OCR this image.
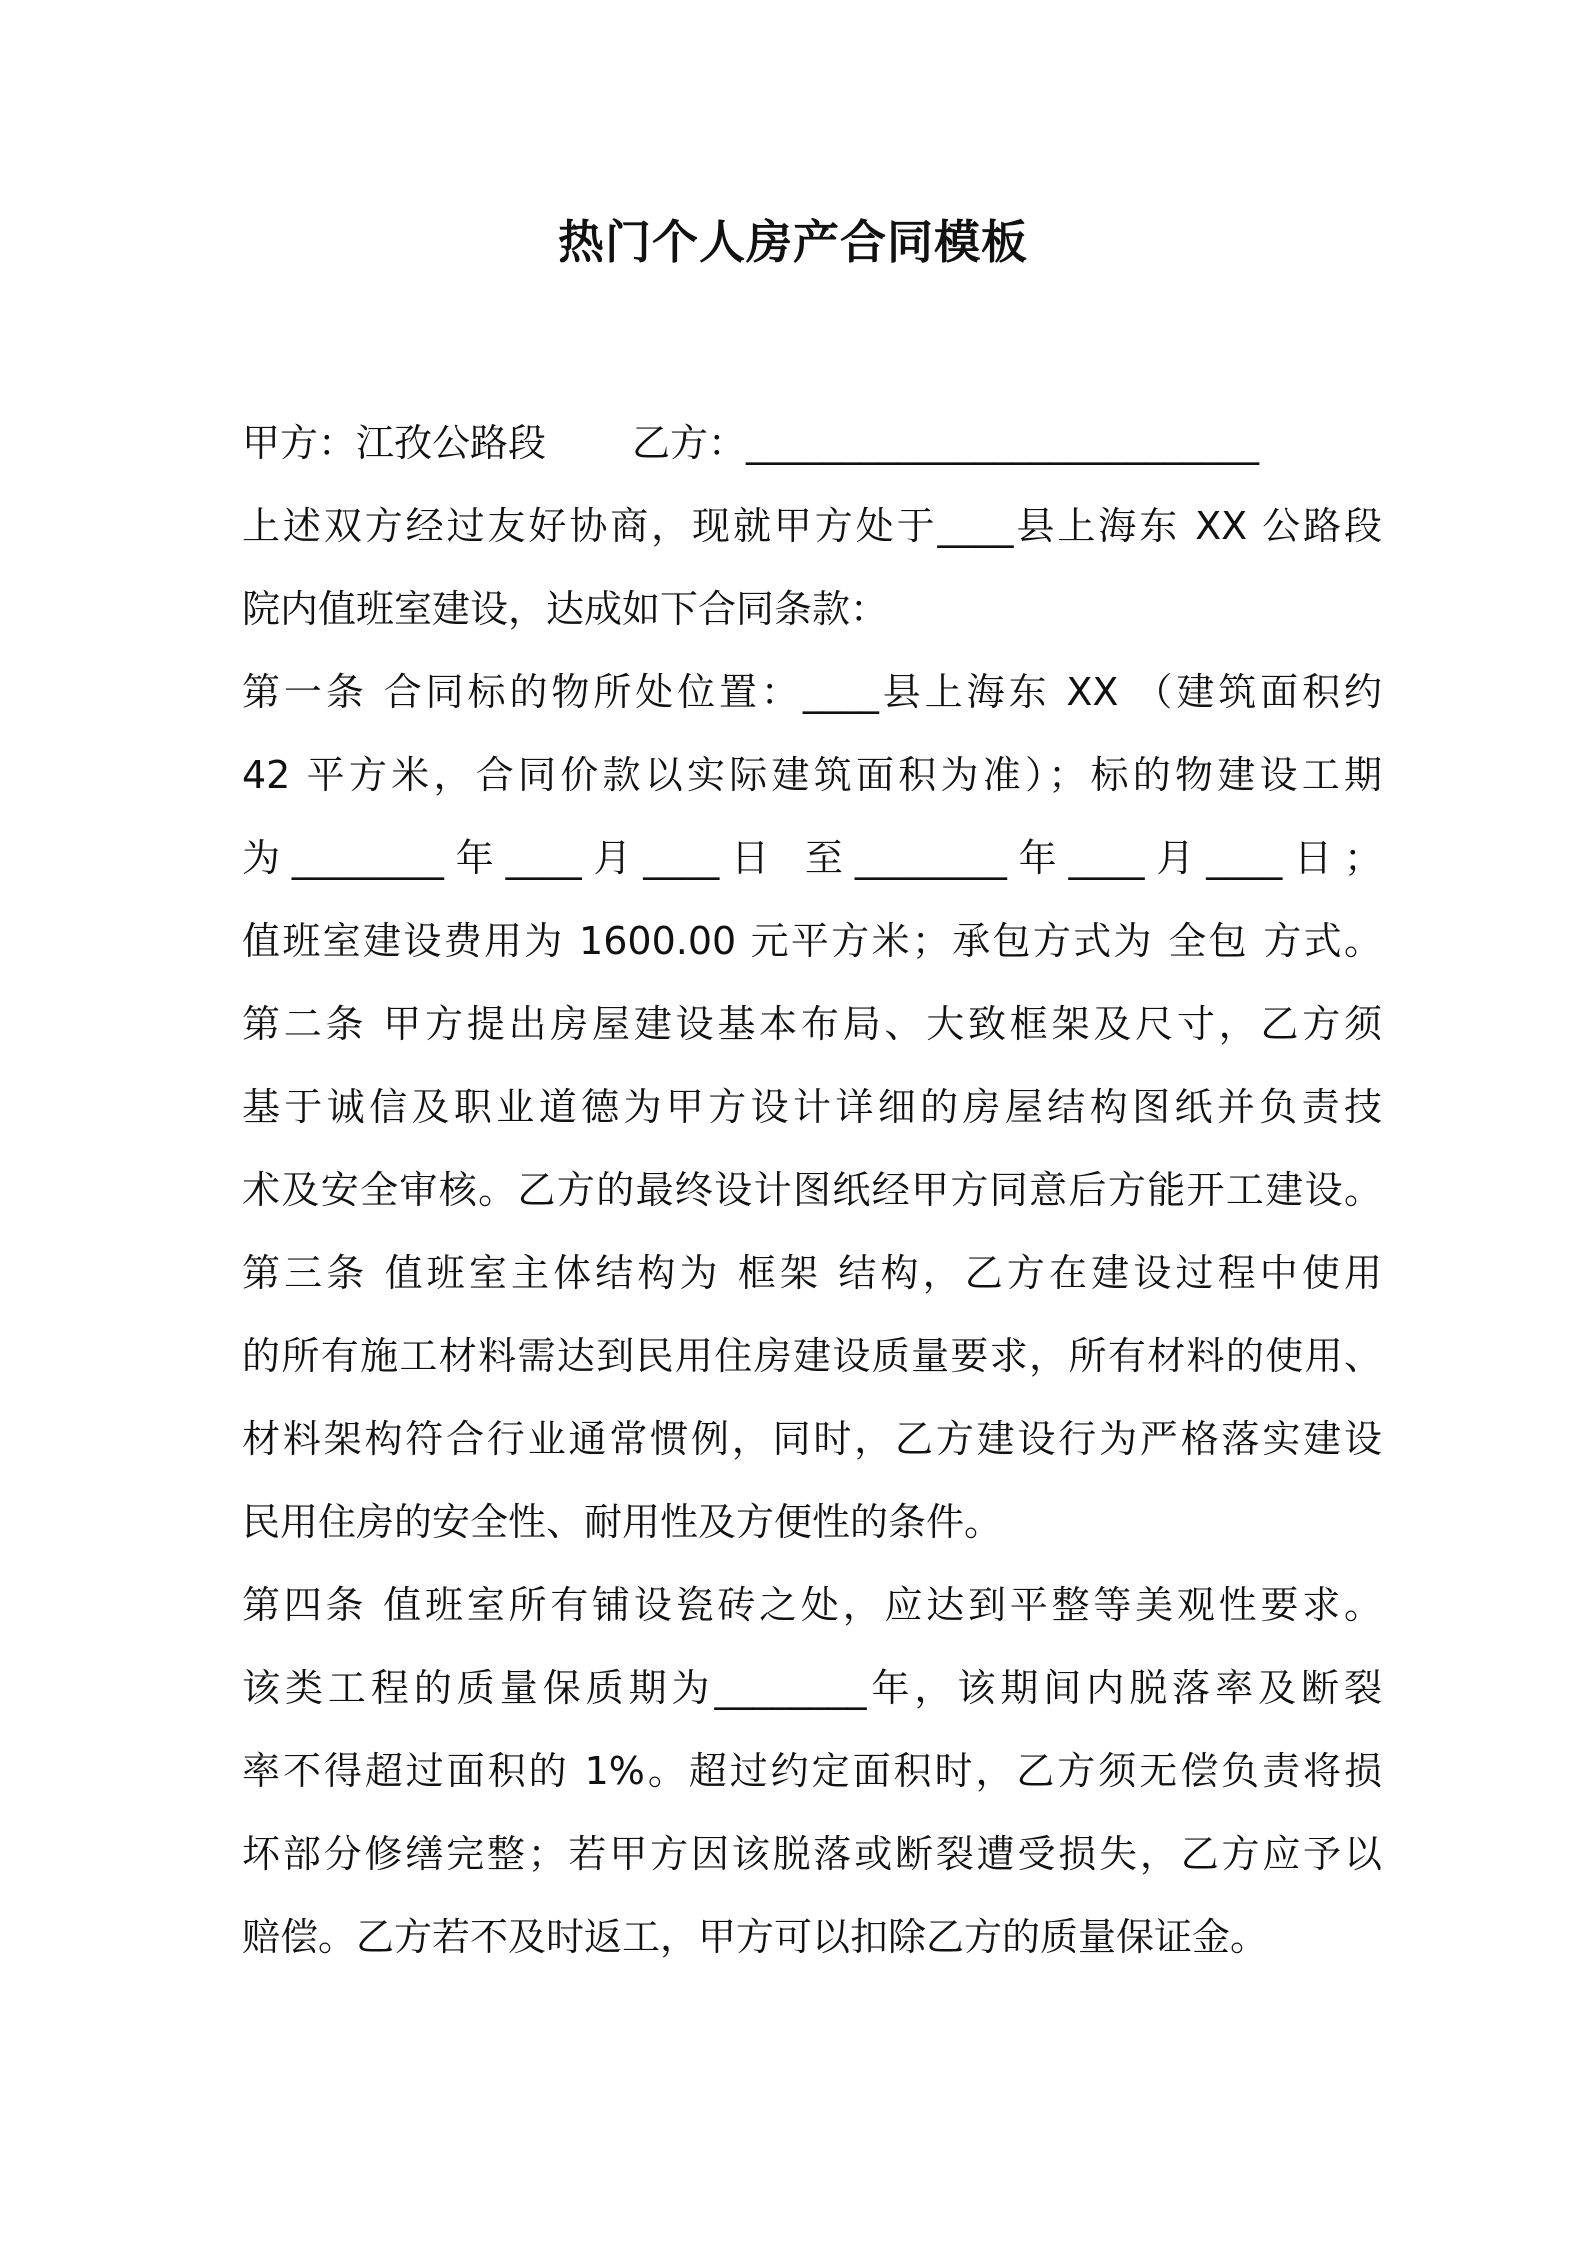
热门个人房产合同模板
甲方：江孜公路段 乙方：___________________________
上述双方经过友好协商，现就甲方处于____县上海东 XX 公路段
院内值班室建设，达成如下合同条款：
第一条 合同标的物所处位置：____县上海东 XX （建筑面积约
42 平方米，合同价款以实际建筑面积为准）；标的物建设工期
为________年____月____日 至________年____月____日；
值班室建设费用为 1600.00 元平方米；承包方式为 全包 方式。
第二条 甲方提出房屋建设基本布局、大致框架及尺寸，乙方须
基于诚信及职业道德为甲方设计详细的房屋结构图纸并负责技
术及安全审核。乙方的最终设计图纸经甲方同意后方能开工建设。
第三条 值班室主体结构为 框架 结构，乙方在建设过程中使用
的所有施工材料需达到民用住房建设质量要求，所有材料的使用、
材料架构符合行业通常惯例，同时，乙方建设行为严格落实建设
民用住房的安全性、耐用性及方便性的条件。
第四条 值班室所有铺设瓷砖之处，应达到平整等美观性要求。
该类工程的质量保质期为________年，该期间内脱落率及断裂
率不得超过面积的 1%。超过约定面积时，乙方须无偿负责将损
坏部分修缮完整；若甲方因该脱落或断裂遭受损失，乙方应予以
赔偿。乙方若不及时返工，甲方可以扣除乙方的质量保证金。
